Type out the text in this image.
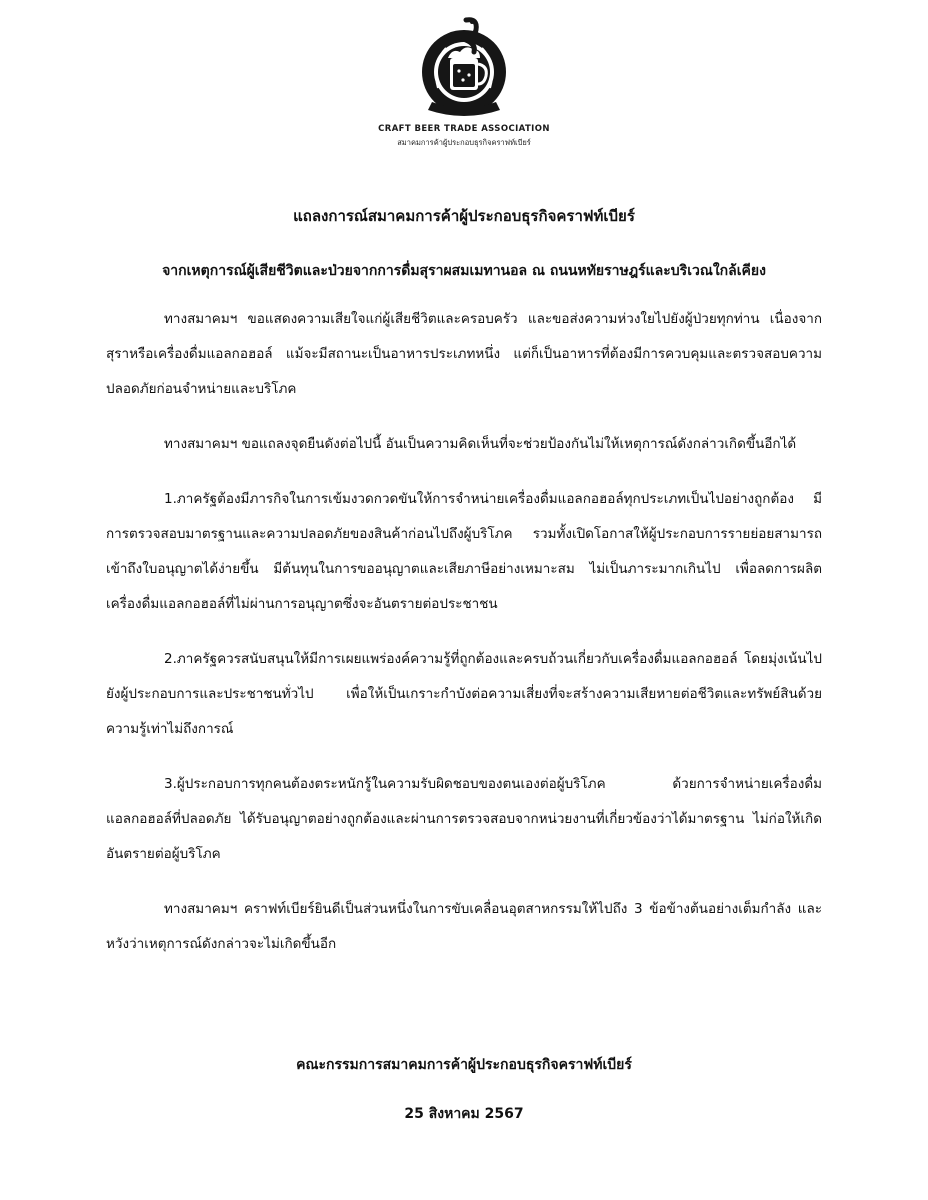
CRAFT BEER TRADE ASSOCIATION
สมาคมการค้าผู้ประกอบธุรกิจคราฟท์เบียร์
แถลงการณ์สมาคมการค้าผู้ประกอบธุรกิจคราฟท์เบียร์
จากเหตุการณ์ผู้เสียชีวิตและป่วยจากการดื่มสุราผสมเมทานอล ณ ถนนหทัยราษฎร์และบริเวณใกล้เคียง

ทางสมาคมฯ ขอแสดงความเสียใจแก่ผู้เสียชีวิตและครอบครัว และขอส่งความห่วงใยไปยังผู้ป่วยทุกท่าน เนื่องจากสุราหรือเครื่องดื่มแอลกอฮอล์ แม้จะมีสถานะเป็นอาหารประเภทหนึ่ง แต่ก็เป็นอาหารที่ต้องมีการควบคุมและตรวจสอบความปลอดภัยก่อนจำหน่ายและบริโภค

ทางสมาคมฯ ขอแถลงจุดยืนดังต่อไปนี้ อันเป็นความคิดเห็นที่จะช่วยป้องกันไม่ให้เหตุการณ์ดังกล่าวเกิดขึ้นอีกได้

1.ภาครัฐต้องมีภารกิจในการเข้มงวดกวดขันให้การจำหน่ายเครื่องดื่มแอลกอฮอล์ทุกประเภทเป็นไปอย่างถูกต้อง มีการตรวจสอบมาตรฐานและความปลอดภัยของสินค้าก่อนไปถึงผู้บริโภค รวมทั้งเปิดโอกาสให้ผู้ประกอบการรายย่อยสามารถเข้าถึงใบอนุญาตได้ง่ายขึ้น มีต้นทุนในการขออนุญาตและเสียภาษีอย่างเหมาะสม ไม่เป็นภาระมากเกินไป เพื่อลดการผลิตเครื่องดื่มแอลกอฮอล์ที่ไม่ผ่านการอนุญาตซึ่งจะอันตรายต่อประชาชน

2.ภาครัฐควรสนับสนุนให้มีการเผยแพร่องค์ความรู้ที่ถูกต้องและครบถ้วนเกี่ยวกับเครื่องดื่มแอลกอฮอล์ โดยมุ่งเน้นไปยังผู้ประกอบการและประชาชนทั่วไป เพื่อให้เป็นเกราะกำบังต่อความเสี่ยงที่จะสร้างความเสียหายต่อชีวิตและทรัพย์สินด้วยความรู้เท่าไม่ถึงการณ์

3.ผู้ประกอบการทุกคนต้องตระหนักรู้ในความรับผิดชอบของตนเองต่อผู้บริโภค ด้วยการจำหน่ายเครื่องดื่มแอลกอฮอล์ที่ปลอดภัย ได้รับอนุญาตอย่างถูกต้องและผ่านการตรวจสอบจากหน่วยงานที่เกี่ยวข้องว่าได้มาตรฐาน ไม่ก่อให้เกิดอันตรายต่อผู้บริโภค

ทางสมาคมฯ คราฟท์เบียร์ยินดีเป็นส่วนหนึ่งในการขับเคลื่อนอุตสาหกรรมให้ไปถึง 3 ข้อข้างต้นอย่างเต็มกำลัง และหวังว่าเหตุการณ์ดังกล่าวจะไม่เกิดขึ้นอีก

คณะกรรมการสมาคมการค้าผู้ประกอบธุรกิจคราฟท์เบียร์
25 สิงหาคม 2567
